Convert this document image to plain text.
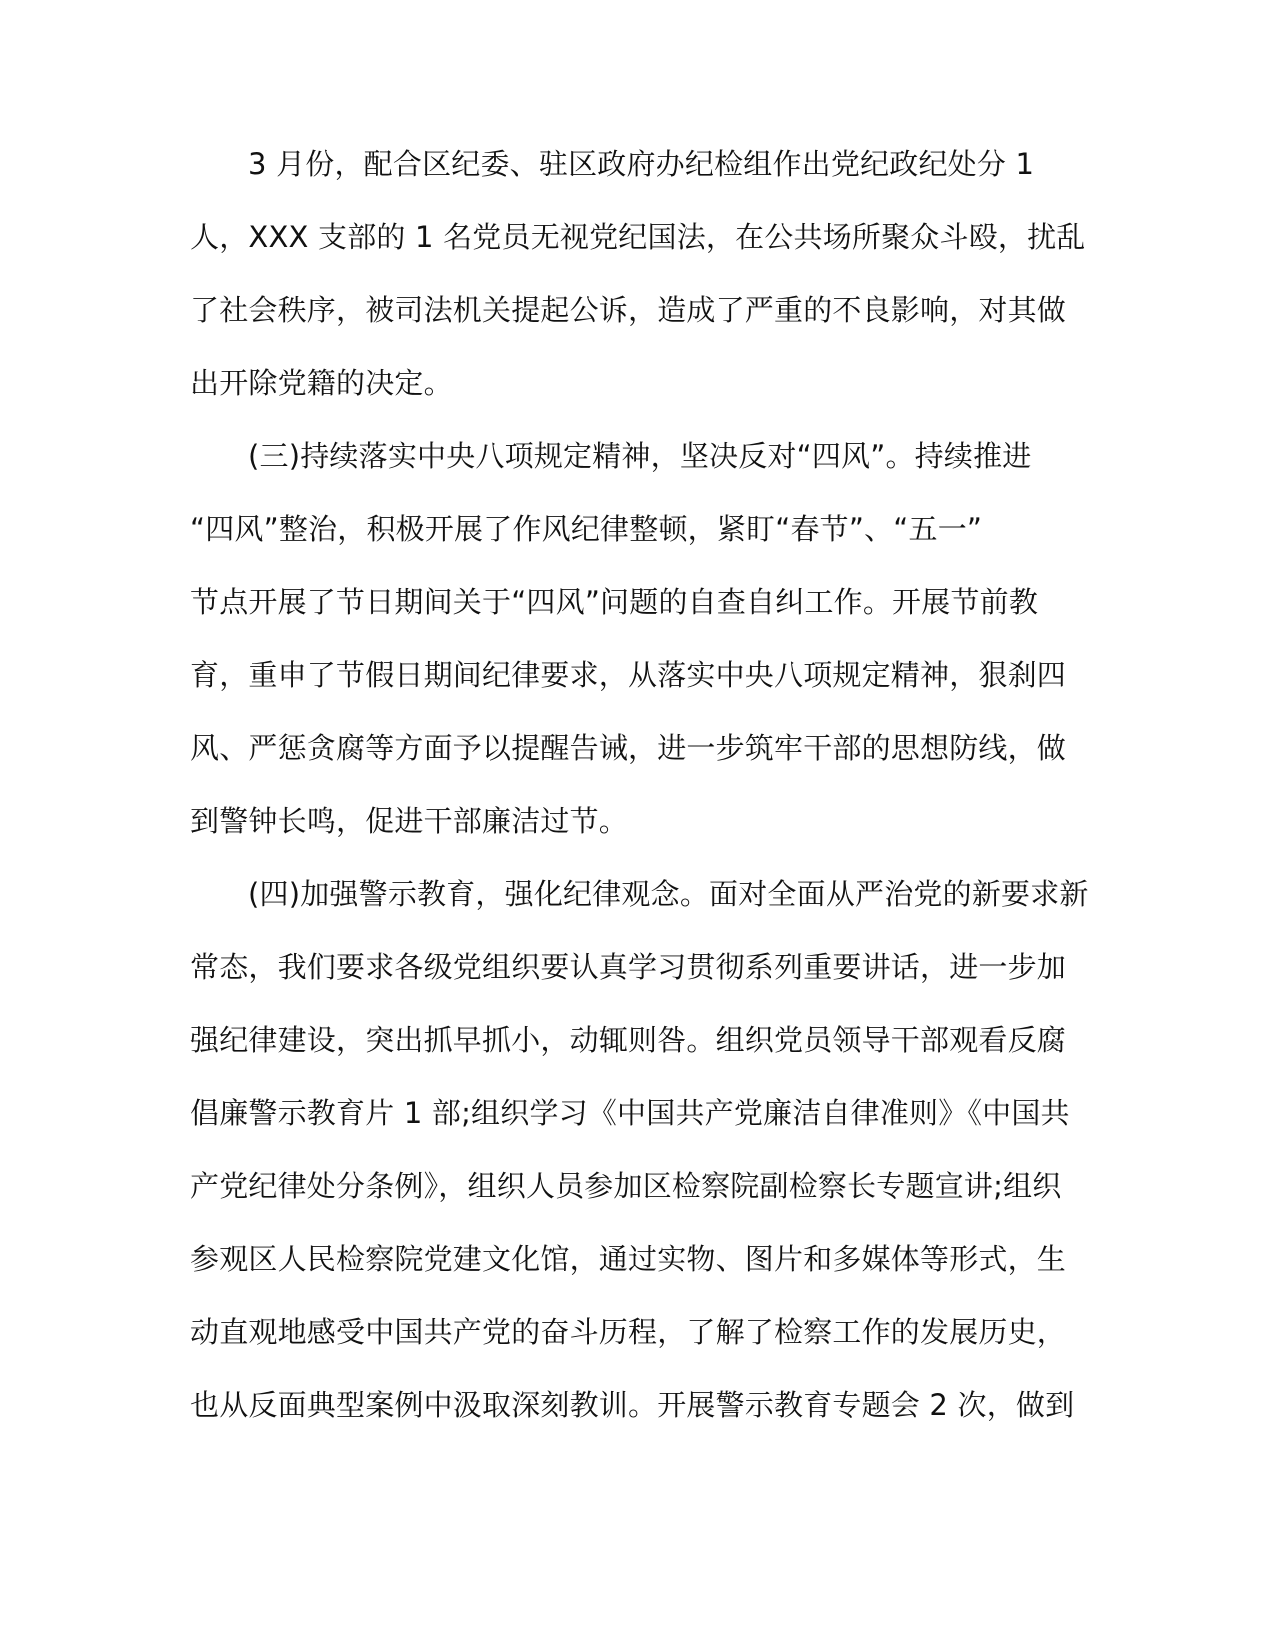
3 月份，配合区纪委、驻区政府办纪检组作出党纪政纪处分 1
人，XXX 支部的 1 名党员无视党纪国法，在公共场所聚众斗殴，扰乱
了社会秩序，被司法机关提起公诉，造成了严重的不良影响，对其做
出开除党籍的决定。
(三)持续落实中央八项规定精神，坚决反对“四风”。持续推进
“四风”整治，积极开展了作风纪律整顿，紧盯“春节”、“五一”
节点开展了节日期间关于“四风”问题的自查自纠工作。开展节前教
育，重申了节假日期间纪律要求，从落实中央八项规定精神，狠刹四
风、严惩贪腐等方面予以提醒告诫，进一步筑牢干部的思想防线，做
到警钟长鸣，促进干部廉洁过节。
(四)加强警示教育，强化纪律观念。面对全面从严治党的新要求新
常态，我们要求各级党组织要认真学习贯彻系列重要讲话，进一步加
强纪律建设，突出抓早抓小，动辄则咎。组织党员领导干部观看反腐
倡廉警示教育片 1 部;组织学习《中国共产党廉洁自律准则》《中国共
产党纪律处分条例》，组织人员参加区检察院副检察长专题宣讲;组织
参观区人民检察院党建文化馆，通过实物、图片和多媒体等形式，生
动直观地感受中国共产党的奋斗历程，了解了检察工作的发展历史，
也从反面典型案例中汲取深刻教训。开展警示教育专题会 2 次，做到
